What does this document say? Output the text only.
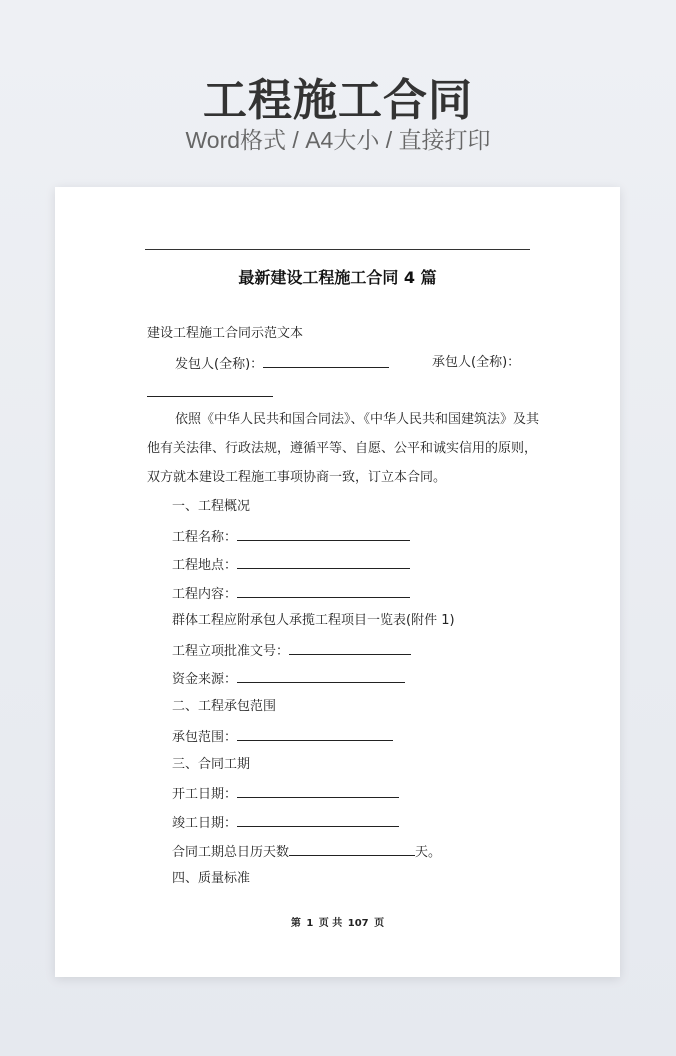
工程施工合同
Word格式 / A4大小 / 直接打印
最新建设工程施工合同 4 篇
建设工程施工合同示范文本
发包人(全称)：	承包人(全称)：
依照《中华人民共和国合同法》、《中华人民共和国建筑法》及其
他有关法律、行政法规，遵循平等、自愿、公平和诚实信用的原则，
双方就本建设工程施工事项协商一致，订立本合同。
一、工程概况
工程名称：
工程地点：
工程内容：
群体工程应附承包人承揽工程项目一览表(附件 1)
工程立项批准文号：
资金来源：
二、工程承包范围
承包范围：
三、合同工期
开工日期：
竣工日期：
合同工期总日历天数	天。
四、质量标准
第 1 页 共 107 页
